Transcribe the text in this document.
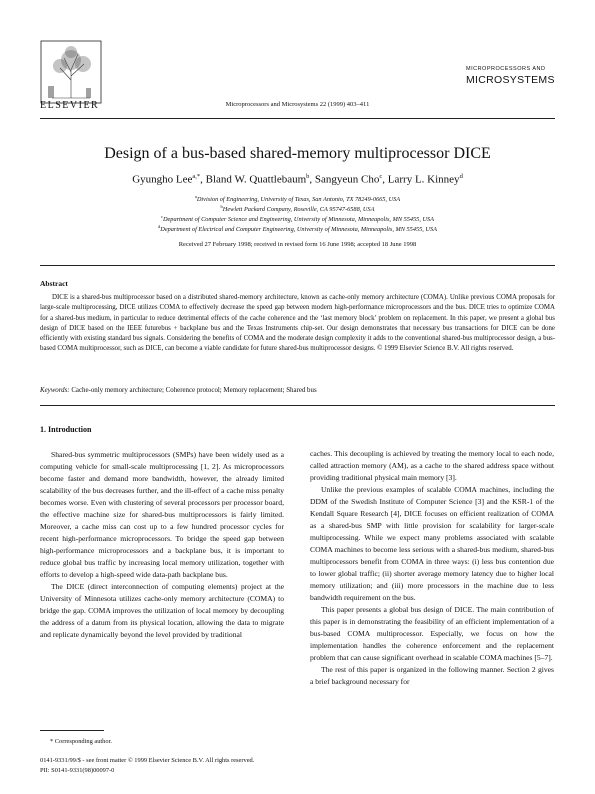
ELSEVIER	Microprocessors and Microsystems 22 (1999) 403–411
MICROPROCESSORS AND
MICROSYSTEMS
Design of a bus-based shared-memory multiprocessor DICE
Gyungho Lee$^{a,*}$, Bland W. Quattlebaum$^b$, Sangyeun Cho$^c$, Larry L. Kinney$^d$
$^a$Division of Engineering, University of Texas, San Antonio, TX 78249-0665, USA
$^b$Hewlett Packard Company, Roseville, CA 95747-6588, USA
$^c$Department of Computer Science and Engineering, University of Minnesota, Minneapolis, MN 55455, USA
$^d$Department of Electrical and Computer Engineering, University of Minnesota, Minneapolis, MN 55455, USA
Received 27 February 1998; received in revised form 16 June 1998; accepted 18 June 1998
Abstract
DICE is a shared-bus multiprocessor based on a distributed shared-memory architecture, known as cache-only memory architecture (COMA). Unlike previous COMA proposals for large-scale multiprocessing, DICE utilizes COMA to effectively decrease the speed gap between modern high-performance microprocessors and the bus. DICE tries to optimize COMA for a shared-bus medium, in particular to reduce detrimental effects of the cache coherence and the ‘last memory block’ problem on replacement. In this paper, we present a global bus design of DICE based on the IEEE futurebus + backplane bus and the Texas Instruments chip-set. Our design demonstrates that necessary bus transactions for DICE can be done efficiently with existing standard bus signals. Considering the benefits of COMA and the moderate design complexity it adds to the conventional shared-bus multiprocessor design, a bus-based COMA multiprocessor, such as DICE, can become a viable candidate for future shared-bus multiprocessor designs. © 1999 Elsevier Science B.V. All rights reserved.
Keywords: Cache-only memory architecture; Coherence protocol; Memory replacement; Shared bus
1. Introduction

Shared-bus symmetric multiprocessors (SMPs) have been widely used as a computing vehicle for small-scale multiprocessing [1, 2]. As microprocessors become faster and demand more bandwidth, however, the already limited scalability of the bus decreases further, and the ill-effect of a cache miss penalty becomes worse. Even with clustering of several processors per processor board, the effective machine size for shared-bus multiprocessors is fairly limited. Moreover, a cache miss can cost up to a few hundred processor cycles for recent high-performance microprocessors. To bridge the speed gap between high-performance microprocessors and a backplane bus, it is important to reduce global bus traffic by increasing local memory utilization, together with efforts to develop a high-speed wide data-path backplane bus.

The DICE (direct interconnection of computing elements) project at the University of Minnesota utilizes cache-only memory architecture (COMA) to bridge the gap. COMA improves the utilization of local memory by decoupling the address of a datum from its physical location, allowing the data to migrate and replicate dynamically beyond the level provided by traditional

caches. This decoupling is achieved by treating the memory local to each node, called attraction memory (AM), as a cache to the shared address space without providing traditional physical main memory [3].

Unlike the previous examples of scalable COMA machines, including the DDM of the Swedish Institute of Computer Science [3] and the KSR-1 of the Kendall Square Research [4], DICE focuses on efficient realization of COMA as a shared-bus SMP with little provision for scalability for larger-scale multiprocessing. While we expect many problems associated with scalable COMA machines to become less serious with a shared-bus medium, shared-bus multiprocessors benefit from COMA in three ways: (i) less bus contention due to lower global traffic; (ii) shorter average memory latency due to higher local memory utilization; and (iii) more processors in the machine due to less bandwidth requirement on the bus.

This paper presents a global bus design of DICE. The main contribution of this paper is in demonstrating the feasibility of an efficient implementation of a bus-based COMA multiprocessor. Especially, we focus on how the implementation handles the coherence enforcement and the replacement problem that can cause significant overhead in scalable COMA machines [5–7].

The rest of this paper is organized in the following manner. Section 2 gives a brief background necessary for

* Corresponding author.
0141-9331/99/$ - see front matter © 1999 Elsevier Science B.V. All rights reserved.
PII: S0141-9331(98)00097-0
